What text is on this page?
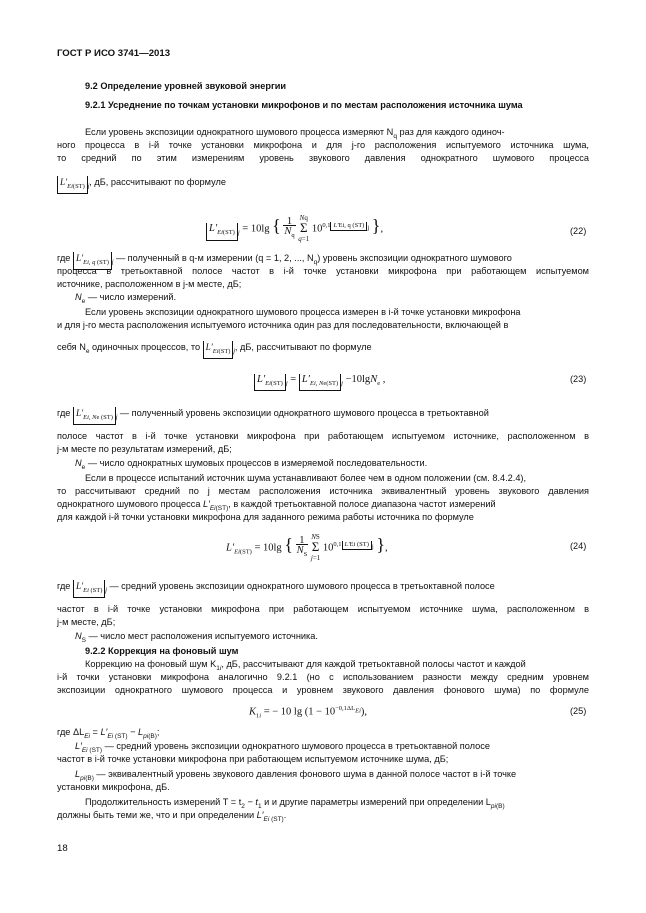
ГОСТ Р ИСО 3741—2013
9.2 Определение уровней звуковой энергии
9.2.1 Усреднение по точкам установки микрофонов и по местам расположения источника шума
Если уровень экспозиции однократного шумового процесса измеряют $N_q$ раз для каждого одиноч-
ного процесса в i-й точке установки микрофона и для j-го расположения испытуемого источника шума,
то средний по этим измерениям уровень звукового давления однократного шумового процесса
$L'_{Ei(ST)}$ $_j$, дБ, рассчитывают по формуле
$L'_{Ei(ST)}$ $_j$ = 10lg { $\frac{1}{N_q}$ Nq
Σ
q=1 $10^{0,1 L'Ei, q (ST) _j}$ },	(22)
где $L'_{Ei, q (ST)}$ $_j$ — полученный в q-м измерении (q = 1, 2, ..., $N_q$) уровень экспозиции однократного шумового
процесса в третьоктавной полосе частот в i-й точке установки микрофона при работающем испытуемом
источнике, расположенном в j-м месте, дБ;
$N_e$ — число измерений.
Если уровень экспозиции однократного шумового процесса измерен в i-й точке установки микрофона
и для j-го места расположения испытуемого источника один раз для последовательности, включающей в
себя $N_e$ одиночных процессов, то $L'_{Ei(ST)}$ $_j$, дБ, рассчитывают по формуле
$L'_{Ei(ST)}$ $_j = L'_{Ei, Ne(ST)}$ $_j$ −10lgN$_e$ ,	(23)
где $L'_{Ei, Ne (ST)}$ $_j$ — полученный уровень экспозиции однократного шумового процесса в третьоктавной
полосе частот в i-й точке установки микрофона при работающем испытуемом источнике, расположенном в
j-м месте по результатам измерений, дБ;
$N_e$ — число однократных шумовых процессов в измеряемой последовательности.
Если в процессе испытаний источник шума устанавливают более чем в одном положении (см. 8.4.2.4),
то рассчитывают средний по j местам расположения источника эквивалентный уровень звукового давления
однократного шумового процесса $L'_{Ei(ST)}$, в каждой третьоктавной полосе диапазона частот измерений
для каждой i-й точки установки микрофона для заданного режима работы источника по формуле
$L'_{Ei(ST)} = 10\lg$ { $\frac{1}{N_S}$ NS
Σ
j=1 $10^{0,1 L'Ei (ST) _j}$ },	(24)
где $L'_{Ei (ST)}$ $_j$ — средний уровень экспозиции однократного шумового процесса в третьоктавной полосе
частот в i-й точке установки микрофона при работающем испытуемом источнике шума, расположенном в
j-м месте, дБ;
$N_S$ — число мест расположения испытуемого источника.
9.2.2 Коррекция на фоновый шум
Коррекцию на фоновый шум $K_{1i}$, дБ, рассчитывают для каждой третьоктавной полосы частот и каждой
i-й точки установки микрофона аналогично 9.2.1 (но с использованием разности между средним уровнем
экспозиции однократного шумового процесса и уровнем звукового давления фонового шума) по формуле
$K_{1i}$ = − 10 $\lg (1 - 10^{-0,1\Delta L_{Ei}})$,	(25)
где $\Delta L_{Ei} = L'_{Ei (ST)} - L_{pi(B)}$;
$L'_{Ei (ST)}$ — средний уровень экспозиции однократного шумового процесса в третьоктавной полосе
частот в i-й точке установки микрофона при работающем испытуемом источнике шума, дБ;
$L_{pi(B)}$ — эквивалентный уровень звукового давления фонового шума в данной полосе частот в i-й точке
установки микрофона, дБ.
Продолжительность измерений $T = t_2 - t_1$ и и другие параметры измерений при определении $L_{pi(B)}$
должны быть теми же, что и при определении $L'_{Ei (ST)}$.
18
